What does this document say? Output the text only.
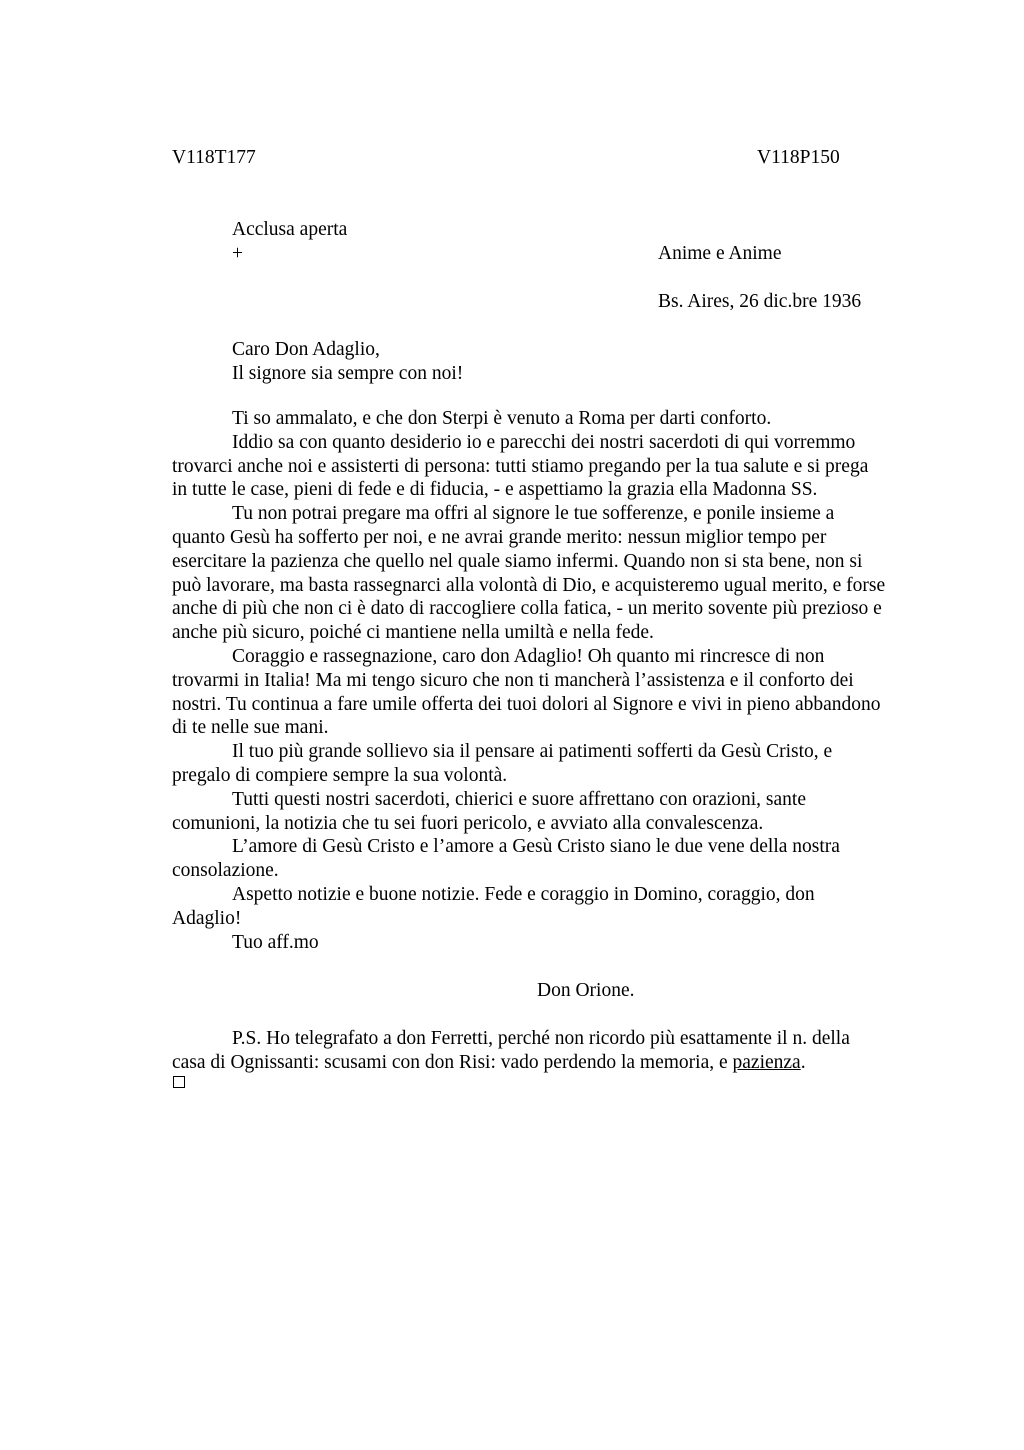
V118T177	V118P150
Acclusa aperta
+	Anime e Anime
Bs. Aires, 26 dic.bre 1936
Caro Don Adaglio,
Il signore sia sempre con noi!

Ti so ammalato, e che don Sterpi è venuto a Roma per darti conforto.

Iddio sa con quanto desiderio io e parecchi dei nostri sacerdoti di qui vorremmo
trovarci anche noi e assisterti di persona: tutti stiamo pregando per la tua salute e si prega
in tutte le case, pieni di fede e di fiducia, - e aspettiamo la grazia ella Madonna SS.

Tu non potrai pregare ma offri al signore le tue sofferenze, e ponile insieme a
quanto Gesù ha sofferto per noi, e ne avrai grande merito: nessun miglior tempo per
esercitare la pazienza che quello nel quale siamo infermi. Quando non si sta bene, non si
può lavorare, ma basta rassegnarci alla volontà di Dio, e acquisteremo ugual merito, e forse
anche di più che non ci è dato di raccogliere colla fatica, - un merito sovente più prezioso e
anche più sicuro, poiché ci mantiene nella umiltà e nella fede.

Coraggio e rassegnazione, caro don Adaglio! Oh quanto mi rincresce di non
trovarmi in Italia! Ma mi tengo sicuro che non ti mancherà l’assistenza e il conforto dei
nostri. Tu continua a fare umile offerta dei tuoi dolori al Signore e vivi in pieno abbandono
di te nelle sue mani.

Il tuo più grande sollievo sia il pensare ai patimenti sofferti da Gesù Cristo, e
pregalo di compiere sempre la sua volontà.

Tutti questi nostri sacerdoti, chierici e suore affrettano con orazioni, sante
comunioni, la notizia che tu sei fuori pericolo, e avviato alla convalescenza.

L’amore di Gesù Cristo e l’amore a Gesù Cristo siano le due vene della nostra
consolazione.

Aspetto notizie e buone notizie. Fede e coraggio in Domino, coraggio, don
Adaglio!

Tuo aff.mo

Don Orione.
P.S. Ho telegrafato a don Ferretti, perché non ricordo più esattamente il n. della
casa di Ognissanti: scusami con don Risi: vado perdendo la memoria, e pazienza.
